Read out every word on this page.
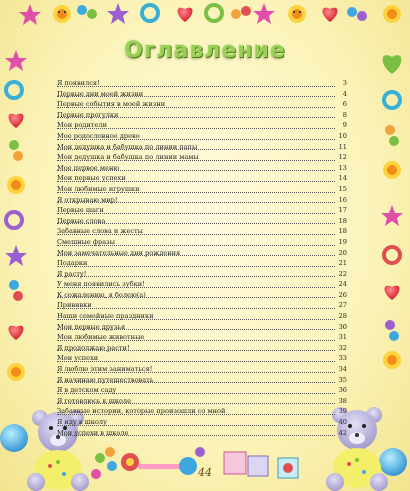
Оглавление
Я появился!	3
Первые дни моей жизни	4
Первые события в моей жизни	6
Первые прогулки	8
Мои родители	9
Мое родословное древо	10
Мои дедушка и бабушка по линии папы	11
Мои дедушка и бабушка по линии мамы	12
Мое первое меню	13
Мои первые успехи	14
Мои любимые игрушки	15
Я открываю мир!	16
Первые шаги	17
Первые слова	18
Забавные слова и жесты	18
Смешные фразы	19
Мои замечательные дни рождения	20
Подарки	21
Я расту!	22
У меня появились зубки!	24
К сожалению, я болею(а)	26
Прививки	27
Наши семейные праздники	28
Мои первые друзья	30
Мои любимые животные	31
Я продолжаю расти!	32
Мои успехи	33
Я люблю этим заниматься!	34
Я начинаю путешествовать	35
Я в детском саду	36
Я готовлюсь к школе	38
Забавные истории, которые произошли со мной	39
Я иду в школу	40
Мои успехи в школе	42
44
